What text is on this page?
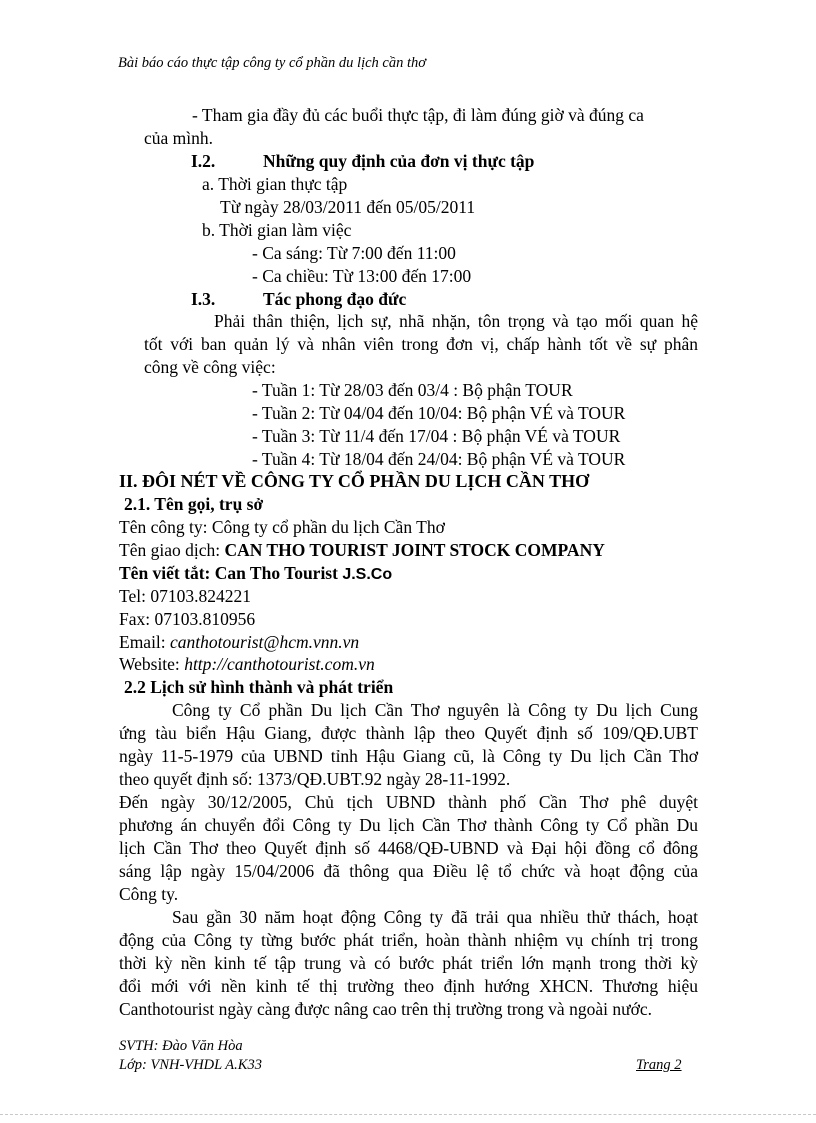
Bài báo cáo thực tập công ty cổ phần du lịch cần thơ
- Tham gia đầy đủ các buổi thực tập, đi làm đúng giờ và đúng ca
của mình.
I.2.	Những quy định của đơn vị thực tập
a. Thời gian thực tập
Từ ngày 28/03/2011 đến 05/05/2011
b. Thời gian làm việc
- Ca sáng: Từ 7:00 đến 11:00
- Ca chiều: Từ 13:00 đến 17:00
I.3.	Tác phong đạo đức
Phải thân thiện, lịch sự, nhã nhặn, tôn trọng và tạo mối quan hệ
tốt với ban quản lý và nhân viên trong đơn vị, chấp hành tốt về sự phân
công về công việc:
- Tuần 1: Từ 28/03 đến 03/4 : Bộ phận TOUR
- Tuần 2: Từ 04/04 đến 10/04: Bộ phận VÉ và TOUR
- Tuần 3: Từ 11/4 đến 17/04 : Bộ phận VÉ và TOUR
- Tuần 4: Từ 18/04 đến 24/04: Bộ phận VÉ và TOUR
II. ĐÔI NÉT VỀ CÔNG TY CỔ PHẦN DU LỊCH CẦN THƠ
2.1. Tên gọi, trụ sở
Tên công ty: Công ty cổ phần du lịch Cần Thơ
Tên giao dịch: CAN THO TOURIST JOINT STOCK COMPANY
Tên viết tắt: Can Tho Tourist J.S.Co
Tel: 07103.824221
Fax: 07103.810956
Email: canthotourist@hcm.vnn.vn
Website: http://canthotourist.com.vn
2.2 Lịch sử hình thành và phát triển
Công ty Cổ phần Du lịch Cần Thơ nguyên là Công ty Du lịch Cung
ứng tàu biển Hậu Giang, được thành lập theo Quyết định số 109/QĐ.UBT
ngày 11-5-1979 của UBND tỉnh Hậu Giang cũ, là Công ty Du lịch Cần Thơ
theo quyết định số: 1373/QĐ.UBT.92 ngày 28-11-1992.
Đến ngày 30/12/2005, Chủ tịch UBND thành phố Cần Thơ phê duyệt
phương án chuyển đổi Công ty Du lịch Cần Thơ thành Công ty Cổ phần Du
lịch Cần Thơ theo Quyết định số 4468/QĐ-UBND và Đại hội đồng cổ đông
sáng lập ngày 15/04/2006 đã thông qua Điều lệ tổ chức và hoạt động của
Công ty.
Sau gần 30 năm hoạt động Công ty đã trải qua nhiều thử thách, hoạt
động của Công ty từng bước phát triển, hoàn thành nhiệm vụ chính trị trong
thời kỳ nền kinh tế tập trung và có bước phát triển lớn mạnh trong thời kỳ
đổi mới với nền kinh tế thị trường theo định hướng XHCN. Thương hiệu
Canthotourist ngày càng được nâng cao trên thị trường trong và ngoài nước.
SVTH: Đào Văn Hòa
Lớp: VNH-VHDL A.K33	Trang 2
